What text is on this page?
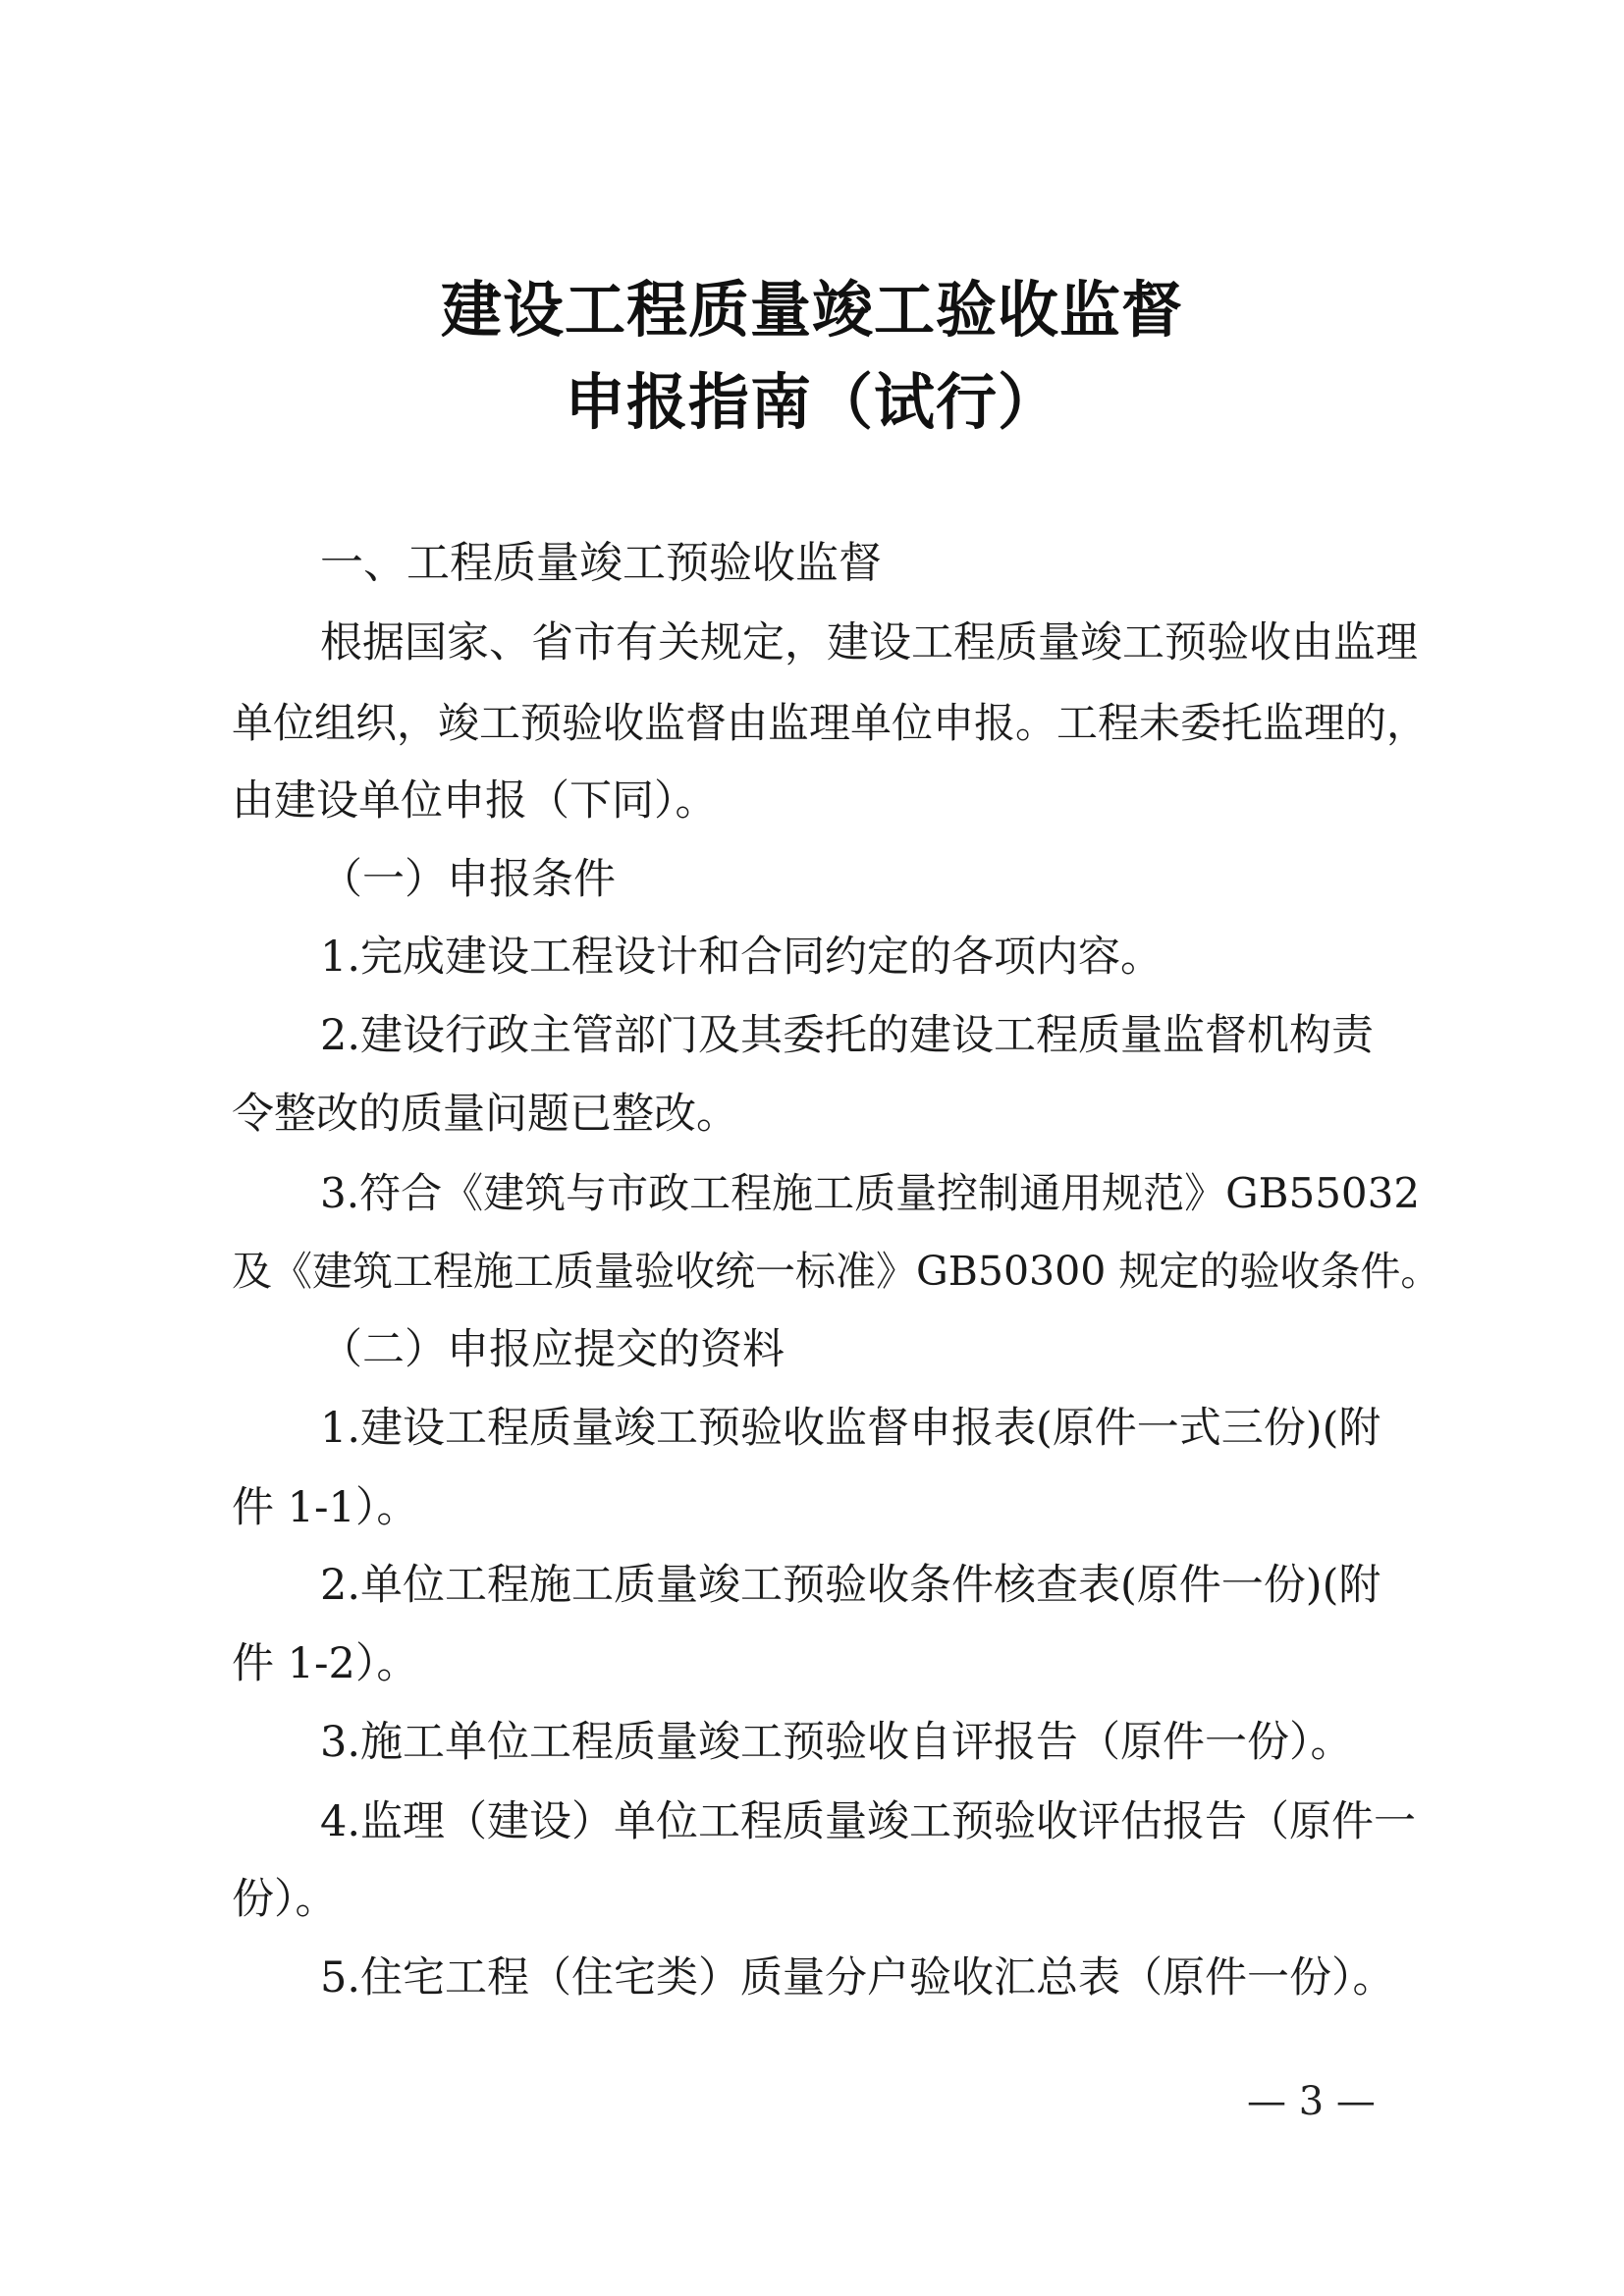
建设工程质量竣工验收监督
申报指南（试行）
一、工程质量竣工预验收监督
根据国家、省市有关规定，建设工程质量竣工预验收由监理
单位组织，竣工预验收监督由监理单位申报。工程未委托监理的，
由建设单位申报（下同）。
（一）申报条件
1.完成建设工程设计和合同约定的各项内容。
2.建设行政主管部门及其委托的建设工程质量监督机构责
令整改的质量问题已整改。
3.符合《建筑与市政工程施工质量控制通用规范》GB55032
及《建筑工程施工质量验收统一标准》GB50300 规定的验收条件。
（二）申报应提交的资料
1.建设工程质量竣工预验收监督申报表(原件一式三份)(附
件 1-1）。
2.单位工程施工质量竣工预验收条件核查表(原件一份)(附
件 1-2）。
3.施工单位工程质量竣工预验收自评报告（原件一份）。
4.监理（建设）单位工程质量竣工预验收评估报告（原件一
份）。
5.住宅工程（住宅类）质量分户验收汇总表（原件一份）。
— 3 —
